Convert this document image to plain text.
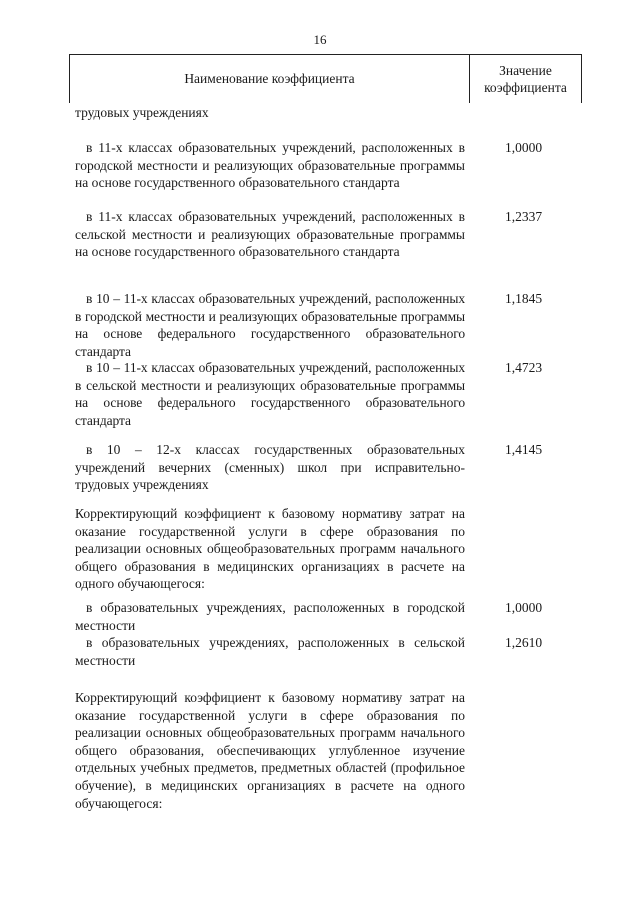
16
Наименование коэффициента
Значение коэффициента
трудовых учреждениях
в 11-х классах образовательных учреждений, расположенных в городской местности и реализующих образовательные программы на основе государственного образовательного стандарта
1,0000
в 11-х классах образовательных учреждений, расположенных в сельской местности и реализующих образовательные программы на основе государственного образовательного стандарта
1,2337
в 10 – 11-х классах образовательных учреждений, расположенных в городской местности и реализующих образовательные программы на основе федерального государственного образовательного стандарта
1,1845
в 10 – 11-х классах образовательных учреждений, расположенных в сельской местности и реализующих образовательные программы на основе федерального государственного образовательного стандарта
1,4723
в 10 – 12-х классах государственных образовательных учреждений вечерних (сменных) школ при исправительно-трудовых учреждениях
1,4145
Корректирующий коэффициент к базовому нормативу затрат на оказание государственной услуги в сфере образования по реализации основных общеобразовательных программ начального общего образования в медицинских организациях в расчете на одного обучающегося:
в образовательных учреждениях, расположенных в городской местности
1,0000
в образовательных учреждениях, расположенных в сельской местности
1,2610
Корректирующий коэффициент к базовому нормативу затрат на оказание государственной услуги в сфере образования по реализации основных общеобразовательных программ начального общего образования, обеспечивающих углубленное изучение отдельных учебных предметов, предметных областей (профильное обучение), в медицинских организациях в расчете на одного обучающегося:
